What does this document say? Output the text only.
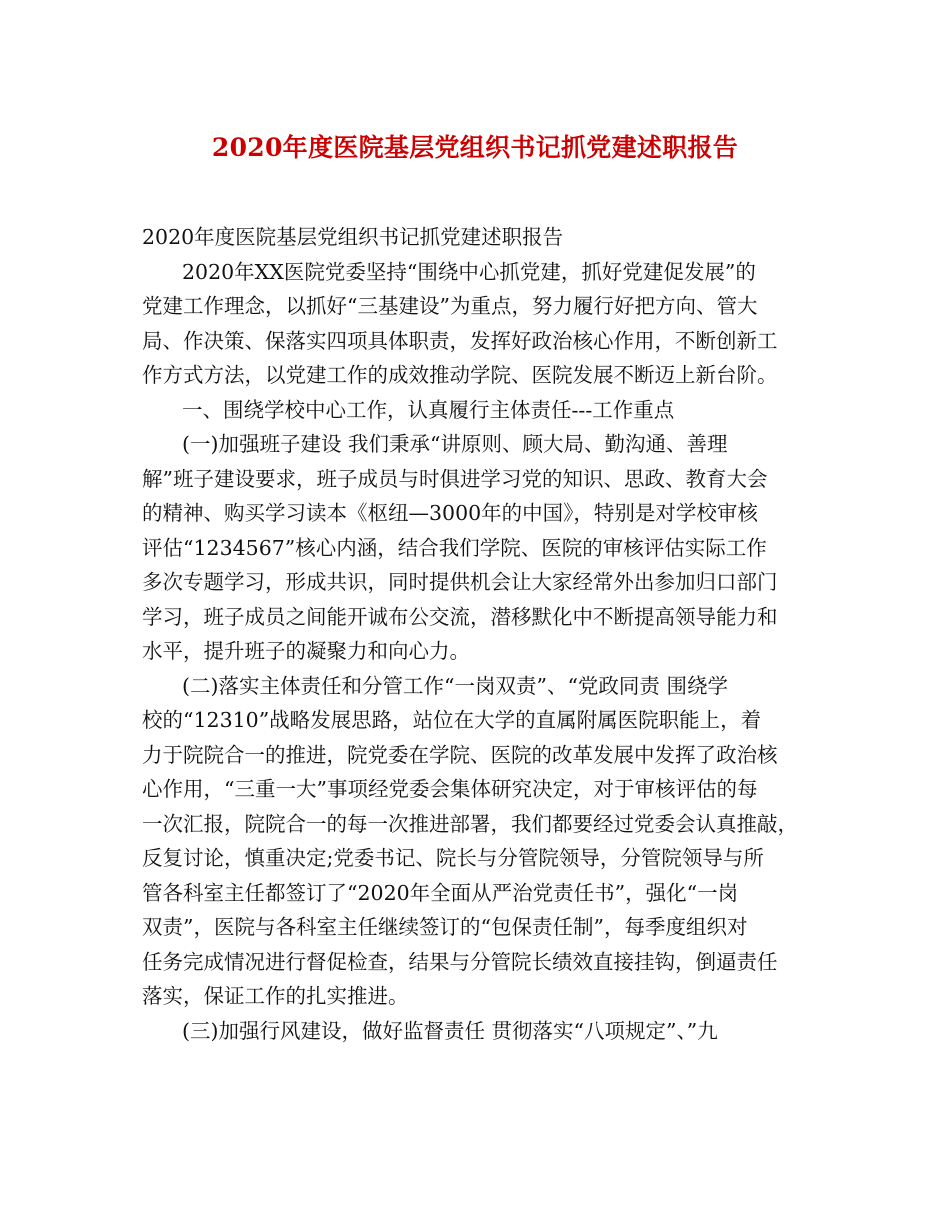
2020年度医院基层党组织书记抓党建述职报告
2020年度医院基层党组织书记抓党建述职报告
2020年XX医院党委坚持“围绕中心抓党建，抓好党建促发展”的
党建工作理念，以抓好“三基建设”为重点，努力履行好把方向、管大
局、作决策、保落实四项具体职责，发挥好政治核心作用，不断创新工
作方式方法，以党建工作的成效推动学院、医院发展不断迈上新台阶。
一、围绕学校中心工作，认真履行主体责任---工作重点
(一)加强班子建设 我们秉承“讲原则、顾大局、勤沟通、善理
解”班子建设要求，班子成员与时俱进学习党的知识、思政、教育大会
的精神、购买学习读本《枢纽—3000年的中国》，特别是对学校审核
评估“1234567”核心内涵，结合我们学院、医院的审核评估实际工作
多次专题学习，形成共识，同时提供机会让大家经常外出参加归口部门
学习，班子成员之间能开诚布公交流，潜移默化中不断提高领导能力和
水平，提升班子的凝聚力和向心力。
(二)落实主体责任和分管工作“一岗双责”、“党政同责 围绕学
校的“12310”战略发展思路，站位在大学的直属附属医院职能上，着
力于院院合一的推进，院党委在学院、医院的改革发展中发挥了政治核
心作用，“三重一大”事项经党委会集体研究决定，对于审核评估的每
一次汇报，院院合一的每一次推进部署，我们都要经过党委会认真推敲，
反复讨论，慎重决定;党委书记、院长与分管院领导，分管院领导与所
管各科室主任都签订了“2020年全面从严治党责任书”，强化“一岗
双责”，医院与各科室主任继续签订的“包保责任制”，每季度组织对
任务完成情况进行督促检查，结果与分管院长绩效直接挂钩，倒逼责任
落实，保证工作的扎实推进。
(三)加强行风建设，做好监督责任 贯彻落实“八项规定”、”九
